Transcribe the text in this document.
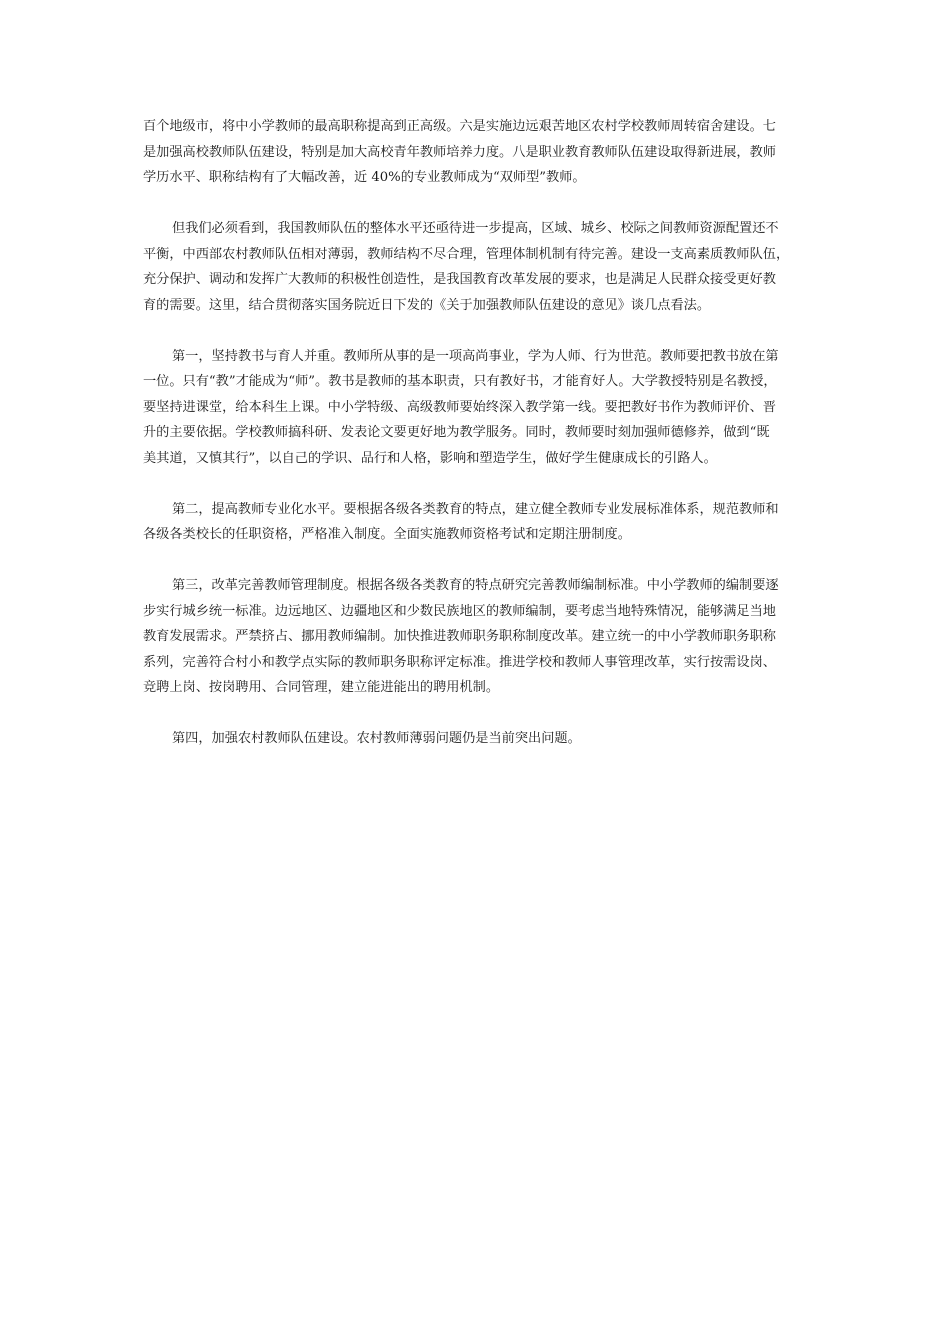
百个地级市，将中小学教师的最高职称提高到正高级。六是实施边远艰苦地区农村学校教师周转宿舍建设。七
是加强高校教师队伍建设，特别是加大高校青年教师培养力度。八是职业教育教师队伍建设取得新进展，教师
学历水平、职称结构有了大幅改善，近 40%的专业教师成为“双师型”教师。

但我们必须看到，我国教师队伍的整体水平还亟待进一步提高，区域、城乡、校际之间教师资源配置还不
平衡，中西部农村教师队伍相对薄弱，教师结构不尽合理，管理体制机制有待完善。建设一支高素质教师队伍，
充分保护、调动和发挥广大教师的积极性创造性，是我国教育改革发展的要求，也是满足人民群众接受更好教
育的需要。这里，结合贯彻落实国务院近日下发的《关于加强教师队伍建设的意见》谈几点看法。

第一，坚持教书与育人并重。教师所从事的是一项高尚事业，学为人师、行为世范。教师要把教书放在第
一位。只有“教”才能成为“师”。教书是教师的基本职责，只有教好书，才能育好人。大学教授特别是名教授，
要坚持进课堂，给本科生上课。中小学特级、高级教师要始终深入教学第一线。要把教好书作为教师评价、晋
升的主要依据。学校教师搞科研、发表论文要更好地为教学服务。同时，教师要时刻加强师德修养，做到“既
美其道，又慎其行”，以自己的学识、品行和人格，影响和塑造学生，做好学生健康成长的引路人。

第二，提高教师专业化水平。要根据各级各类教育的特点，建立健全教师专业发展标准体系，规范教师和
各级各类校长的任职资格，严格准入制度。全面实施教师资格考试和定期注册制度。

第三，改革完善教师管理制度。根据各级各类教育的特点研究完善教师编制标准。中小学教师的编制要逐
步实行城乡统一标准。边远地区、边疆地区和少数民族地区的教师编制，要考虑当地特殊情况，能够满足当地
教育发展需求。严禁挤占、挪用教师编制。加快推进教师职务职称制度改革。建立统一的中小学教师职务职称
系列，完善符合村小和教学点实际的教师职务职称评定标准。推进学校和教师人事管理改革，实行按需设岗、
竞聘上岗、按岗聘用、合同管理，建立能进能出的聘用机制。

第四，加强农村教师队伍建设。农村教师薄弱问题仍是当前突出问题。
